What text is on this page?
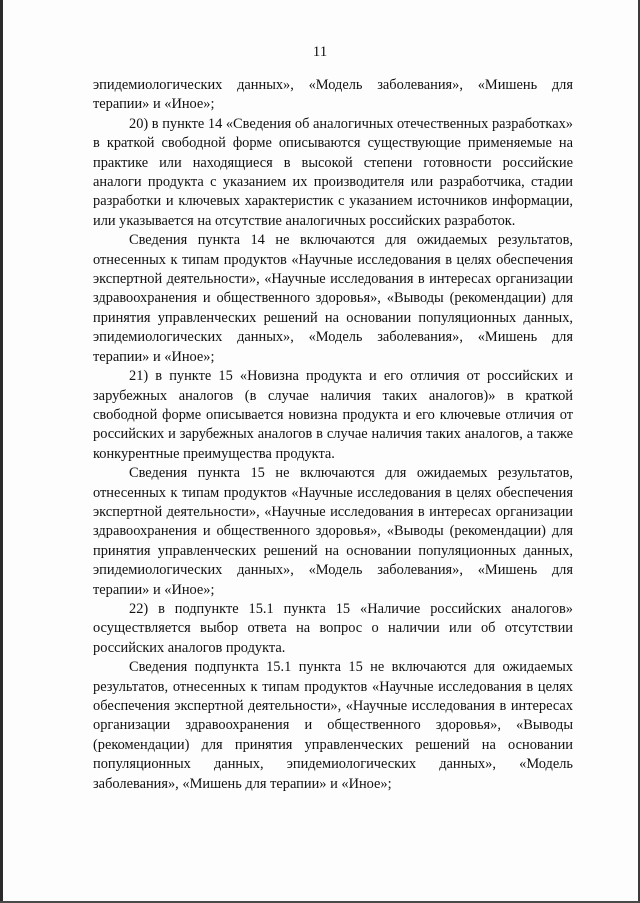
11

эпидемиологических данных», «Модель заболевания», «Мишень для терапии» и «Иное»;

20) в пункте 14 «Сведения об аналогичных отечественных разработках» в краткой свободной форме описываются существующие применяемые на практике или находящиеся в высокой степени готовности российские аналоги продукта с указанием их производителя или разработчика, стадии разработки и ключевых характеристик с указанием источников информации, или указывается на отсутствие аналогичных российских разработок.

Сведения пункта 14 не включаются для ожидаемых результатов, отнесенных к типам продуктов «Научные исследования в целях обеспечения экспертной деятельности», «Научные исследования в интересах организации здравоохранения и общественного здоровья», «Выводы (рекомендации) для принятия управленческих решений на основании популяционных данных, эпидемиологических данных», «Модель заболевания», «Мишень для терапии» и «Иное»;

21) в пункте 15 «Новизна продукта и его отличия от российских и зарубежных аналогов (в случае наличия таких аналогов)» в краткой свободной форме описывается новизна продукта и его ключевые отличия от российских и зарубежных аналогов в случае наличия таких аналогов, а также конкурентные преимущества продукта.

Сведения пункта 15 не включаются для ожидаемых результатов, отнесенных к типам продуктов «Научные исследования в целях обеспечения экспертной деятельности», «Научные исследования в интересах организации здравоохранения и общественного здоровья», «Выводы (рекомендации) для принятия управленческих решений на основании популяционных данных, эпидемиологических данных», «Модель заболевания», «Мишень для терапии» и «Иное»;

22) в подпункте 15.1 пункта 15 «Наличие российских аналогов» осуществляется выбор ответа на вопрос о наличии или об отсутствии российских аналогов продукта.

Сведения подпункта 15.1 пункта 15 не включаются для ожидаемых результатов, отнесенных к типам продуктов «Научные исследования в целях обеспечения экспертной деятельности», «Научные исследования в интересах организации здравоохранения и общественного здоровья», «Выводы (рекомендации) для принятия управленческих решений на основании популяционных данных, эпидемиологических данных», «Модель заболевания», «Мишень для терапии» и «Иное»;
